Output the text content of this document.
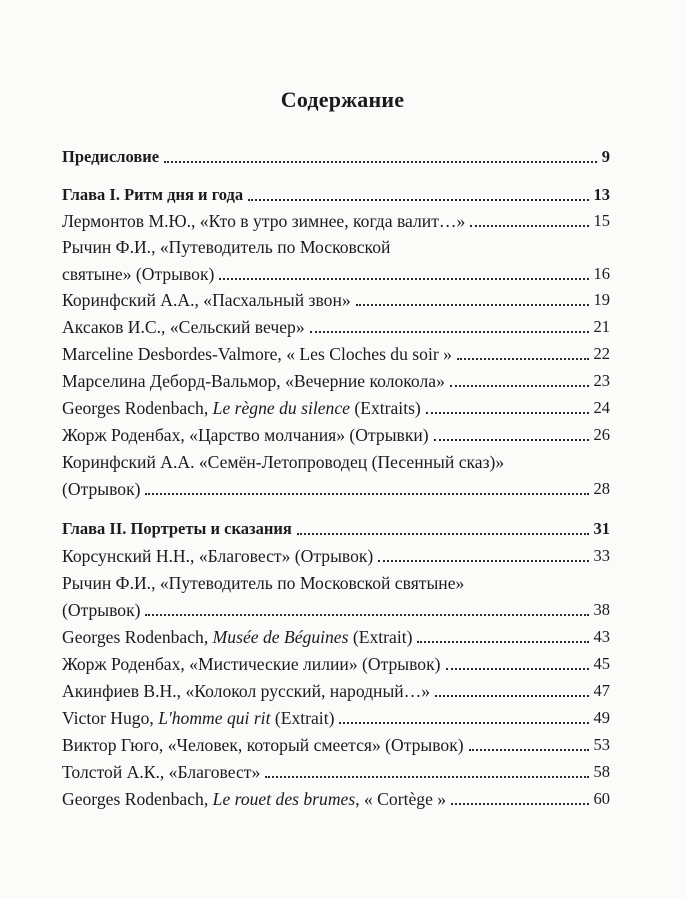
Содержание
Предисловие	9
Глава I. Ритм дня и года	13
Лермонтов М.Ю., «Кто в утро зимнее, когда валит…»	15
Рычин Ф.И., «Путеводитель по Московской
святыне» (Отрывок)	16
Коринфский А.А., «Пасхальный звон»	19
Аксаков И.С., «Сельский вечер»	21
Marceline Desbordes-Valmore, « Les Cloches du soir »	22
Марселина Деборд-Вальмор, «Вечерние колокола»	23
Georges Rodenbach, Le règne du silence (Extraits)	24
Жорж Роденбах, «Царство молчания» (Отрывки)	26
Коринфский А.А. «Семён-Летопроводец (Песенный сказ)»
(Отрывок)	28
Глава II. Портреты и сказания	31
Корсунский Н.Н., «Благовест» (Отрывок)	33
Рычин Ф.И., «Путеводитель по Московской святыне»
(Отрывок)	38
Georges Rodenbach, Musée de Béguines (Extrait)	43
Жорж Роденбах, «Мистические лилии» (Отрывок)	45
Акинфиев В.Н., «Колокол русский, народный…»	47
Victor Hugo, L'homme qui rit (Extrait)	49
Виктор Гюго, «Человек, который смеется» (Отрывок)	53
Толстой А.К., «Благовест»	58
Georges Rodenbach, Le rouet des brumes, « Cortège »	60
